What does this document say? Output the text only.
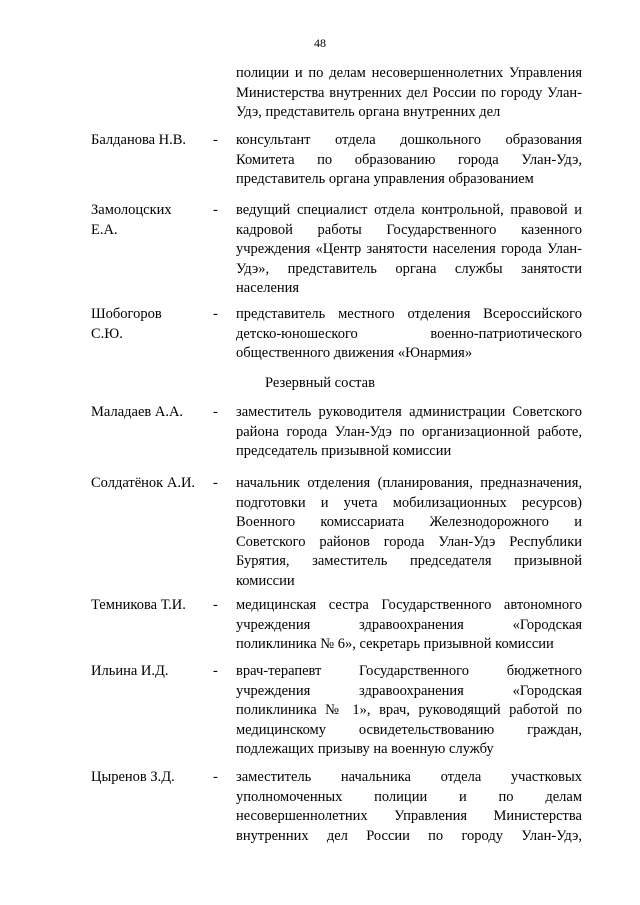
48
полиции и по делам несовершеннолетних Управления
Министерства внутренних дел России по городу Улан-
Удэ, представитель органа внутренних дел
Балданова Н.В.	-	консультант отдела дошкольного образования
Комитета по образованию города Улан-Удэ,
представитель органа управления образованием
Замолоцских
Е.А.
-	ведущий специалист отдела контрольной, правовой и
кадровой работы Государственного казенного
учреждения «Центр занятости населения города Улан-
Удэ», представитель органа службы занятости
населения
Шобогоров
С.Ю.
-	представитель местного отделения Всероссийского
детско-юношеского военно-патриотического
общественного движения «Юнармия»
Резервный состав
Маладаев А.А.	-	заместитель руководителя администрации Советского
района города Улан-Удэ по организационной работе,
председатель призывной комиссии
Солдатёнок А.И.	-	начальник отделения (планирования, предназначения,
подготовки и учета мобилизационных ресурсов)
Военного комиссариата Железнодорожного и
Советского районов города Улан-Удэ Республики
Бурятия, заместитель председателя призывной
комиссии
Темникова Т.И.	-	медицинская сестра Государственного автономного
учреждения здравоохранения «Городская
поликлиника № 6», секретарь призывной комиссии
Ильина И.Д.	-	врач-терапевт Государственного бюджетного
учреждения здравоохранения «Городская
поликлиника № 1», врач, руководящий работой по
медицинскому освидетельствованию граждан,
подлежащих призыву на военную службу
Цыренов З.Д.	-	заместитель начальника отдела участковых
уполномоченных полиции и по делам
несовершеннолетних Управления Министерства
внутренних дел России по городу Улан-Удэ,
